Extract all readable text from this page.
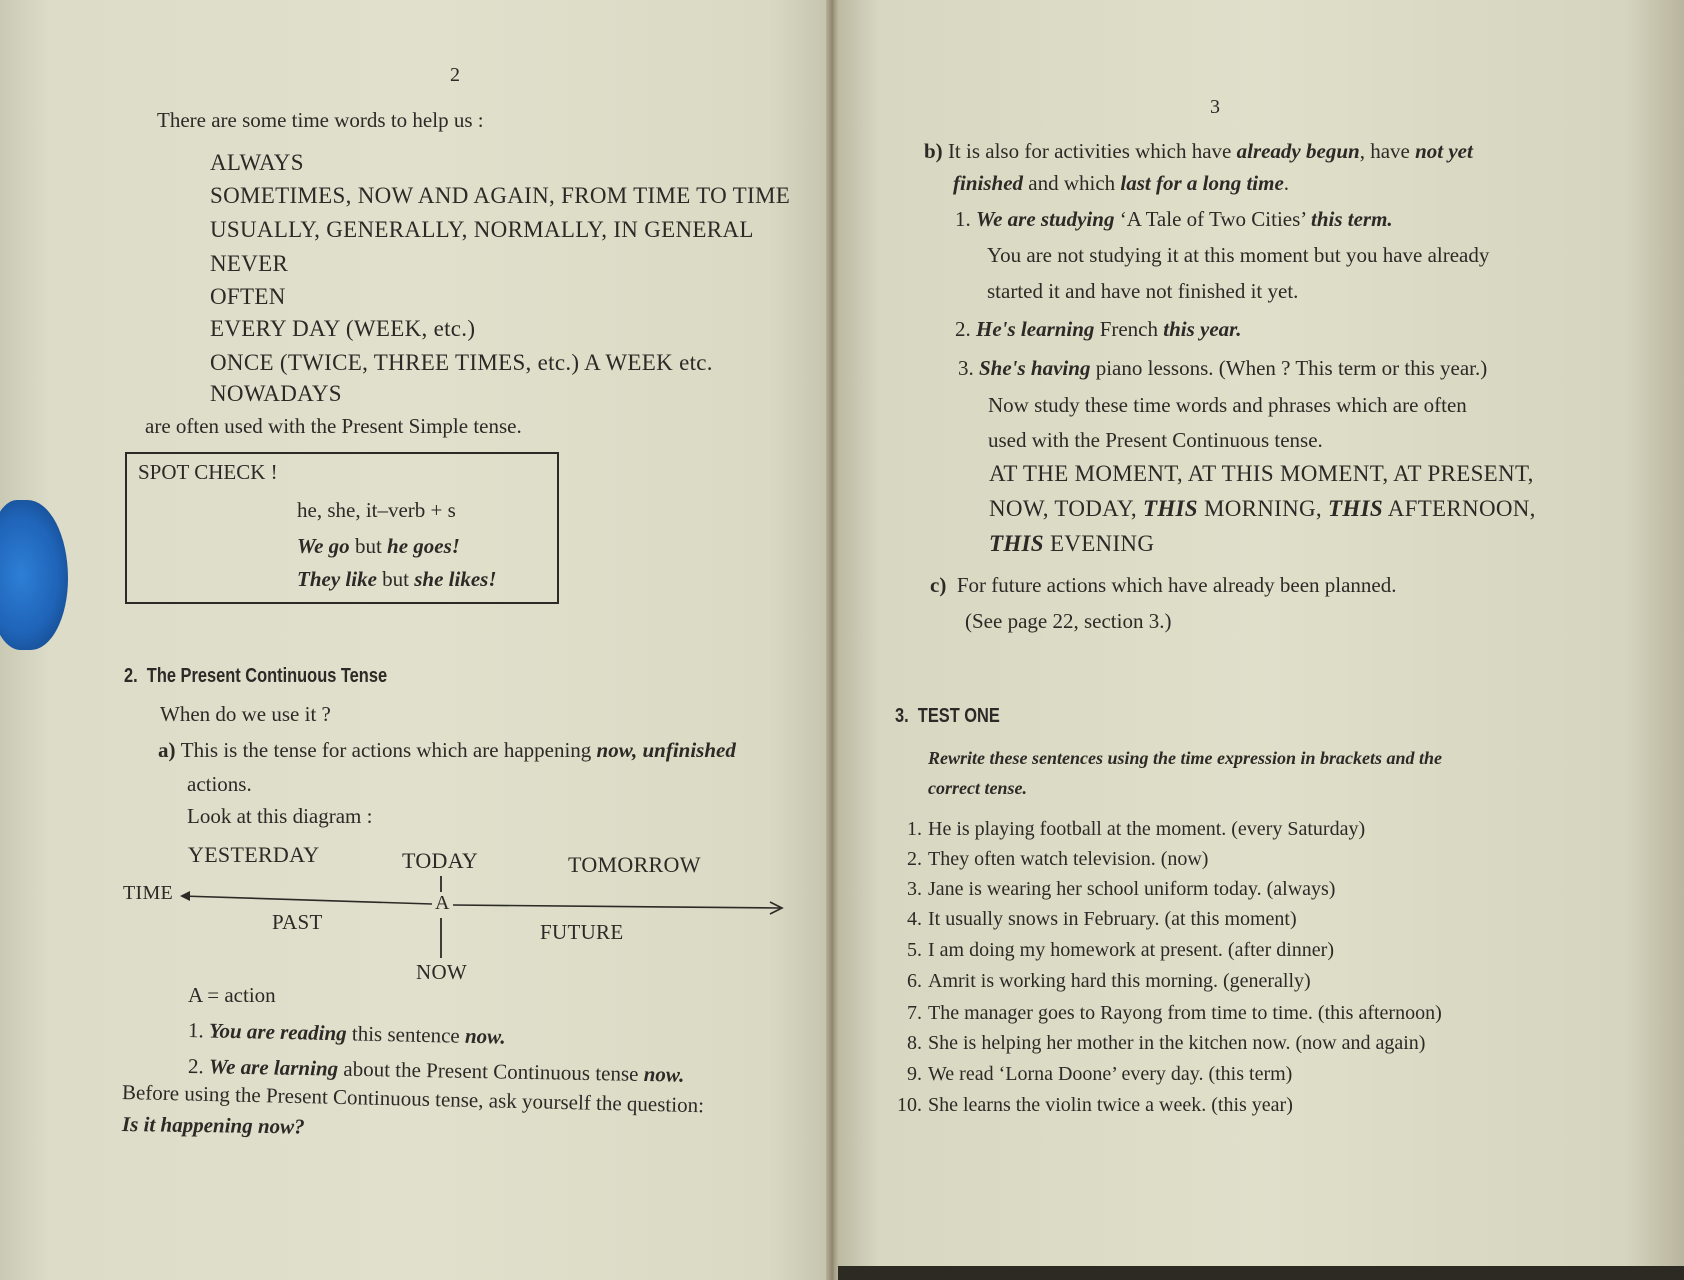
2
There are some time words to help us :
ALWAYS
SOMETIMES, NOW AND AGAIN, FROM TIME TO TIME
USUALLY, GENERALLY, NORMALLY, IN GENERAL
NEVER
OFTEN
EVERY DAY (WEEK, etc.)
ONCE (TWICE, THREE TIMES, etc.) A WEEK etc.
NOWADAYS
are often used with the Present Simple tense.
SPOT CHECK !
he, she, it–verb + s
We go but he goes!
They like but she likes!
2. The Present Continuous Tense
When do we use it ?
a) This is the tense for actions which are happening now, unfinished
actions.
Look at this diagram :
YESTERDAY	TODAY	TOMORROW
TIME	A
PAST	FUTURE
NOW
A = action
1. You are reading this sentence now.
2. We are larning about the Present Continuous tense now.
Before using the Present Continuous tense, ask yourself the question:
Is it happening now?
3
b) It is also for activities which have already begun, have not yet
finished and which last for a long time.
1. We are studying ‘A Tale of Two Cities’ this term.
You are not studying it at this moment but you have already
started it and have not finished it yet.
2. He's learning French this year.
3. She's having piano lessons. (When ? This term or this year.)
Now study these time words and phrases which are often
used with the Present Continuous tense.
AT THE MOMENT, AT THIS MOMENT, AT PRESENT,
NOW, TODAY, THIS MORNING, THIS AFTERNOON,
THIS EVENING
c) For future actions which have already been planned.
(See page 22, section 3.)
3. TEST ONE
Rewrite these sentences using the time expression in brackets and the
correct tense.
1. He is playing football at the moment. (every Saturday)
2. They often watch television. (now)
3. Jane is wearing her school uniform today. (always)
4. It usually snows in February. (at this moment)
5. I am doing my homework at present. (after dinner)
6. Amrit is working hard this morning. (generally)
7. The manager goes to Rayong from time to time. (this afternoon)
8. She is helping her mother in the kitchen now. (now and again)
9. We read ‘Lorna Doone’ every day. (this term)
10. She learns the violin twice a week. (this year)
